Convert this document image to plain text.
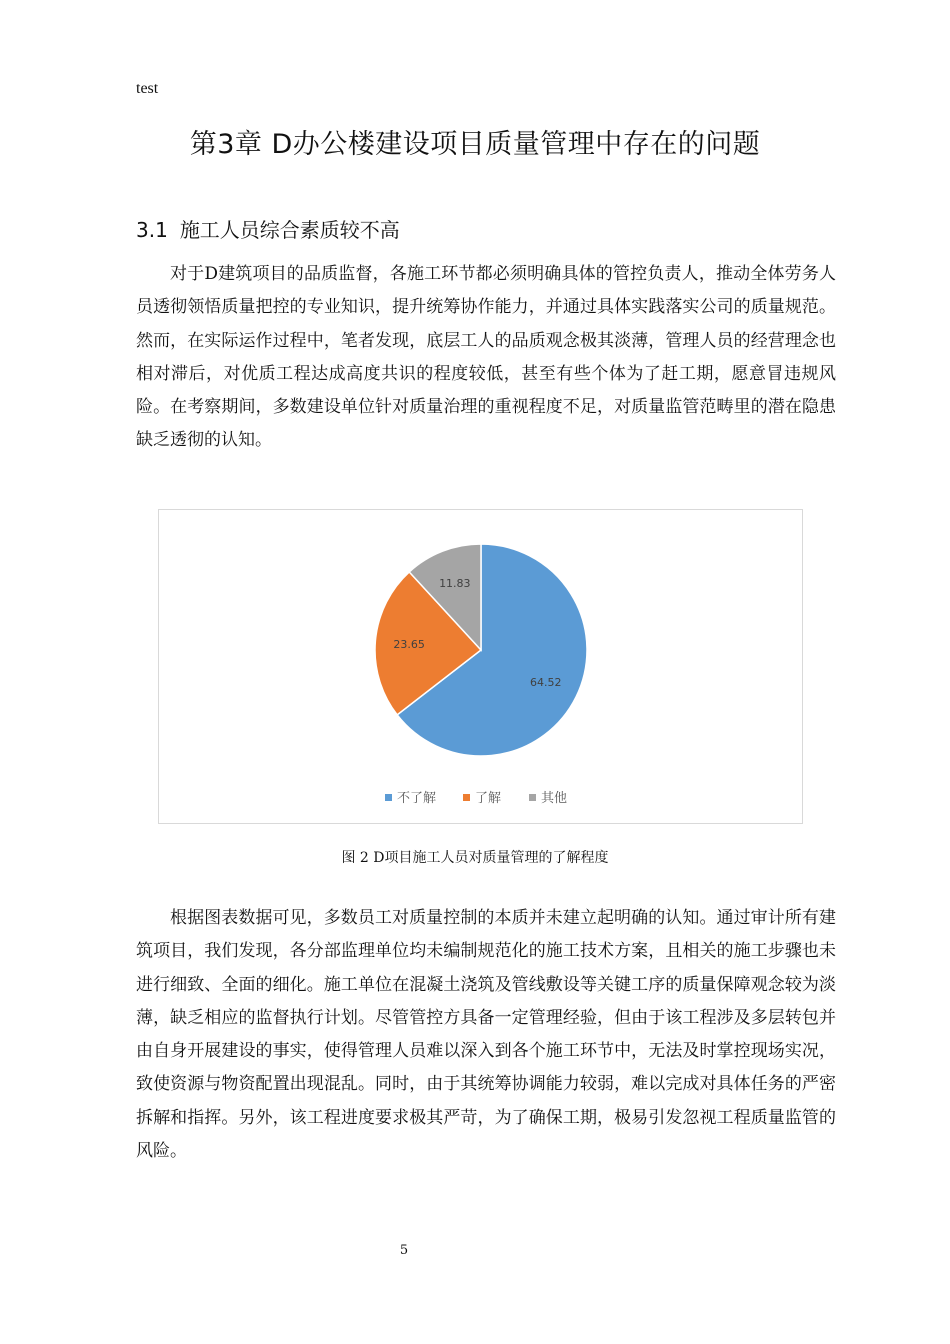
test
第3章 D办公楼建设项目质量管理中存在的问题
3.1 施工人员综合素质较不高
对于D建筑项目的品质监督，各施工环节都必须明确具体的管控负责人，推动全体劳务人员透彻领悟质量把控的专业知识，提升统筹协作能力，并通过具体实践落实公司的质量规范。然而，在实际运作过程中，笔者发现，底层工人的品质观念极其淡薄，管理人员的经营理念也相对滞后，对优质工程达成高度共识的程度较低，甚至有些个体为了赶工期，愿意冒违规风险。在考察期间，多数建设单位针对质量治理的重视程度不足，对质量监管范畴里的潜在隐患缺乏透彻的认知。
64.52
23.65
11.83
不了解	了解	其他
图 2 D项目施工人员对质量管理的了解程度
根据图表数据可见，多数员工对质量控制的本质并未建立起明确的认知。通过审计所有建筑项目，我们发现，各分部监理单位均未编制规范化的施工技术方案，且相关的施工步骤也未进行细致、全面的细化。施工单位在混凝土浇筑及管线敷设等关键工序的质量保障观念较为淡薄，缺乏相应的监督执行计划。尽管管控方具备一定管理经验，但由于该工程涉及多层转包并由自身开展建设的事实，使得管理人员难以深入到各个施工环节中，无法及时掌控现场实况，致使资源与物资配置出现混乱。同时，由于其统筹协调能力较弱，难以完成对具体任务的严密拆解和指挥。另外，该工程进度要求极其严苛，为了确保工期，极易引发忽视工程质量监管的风险。
5
